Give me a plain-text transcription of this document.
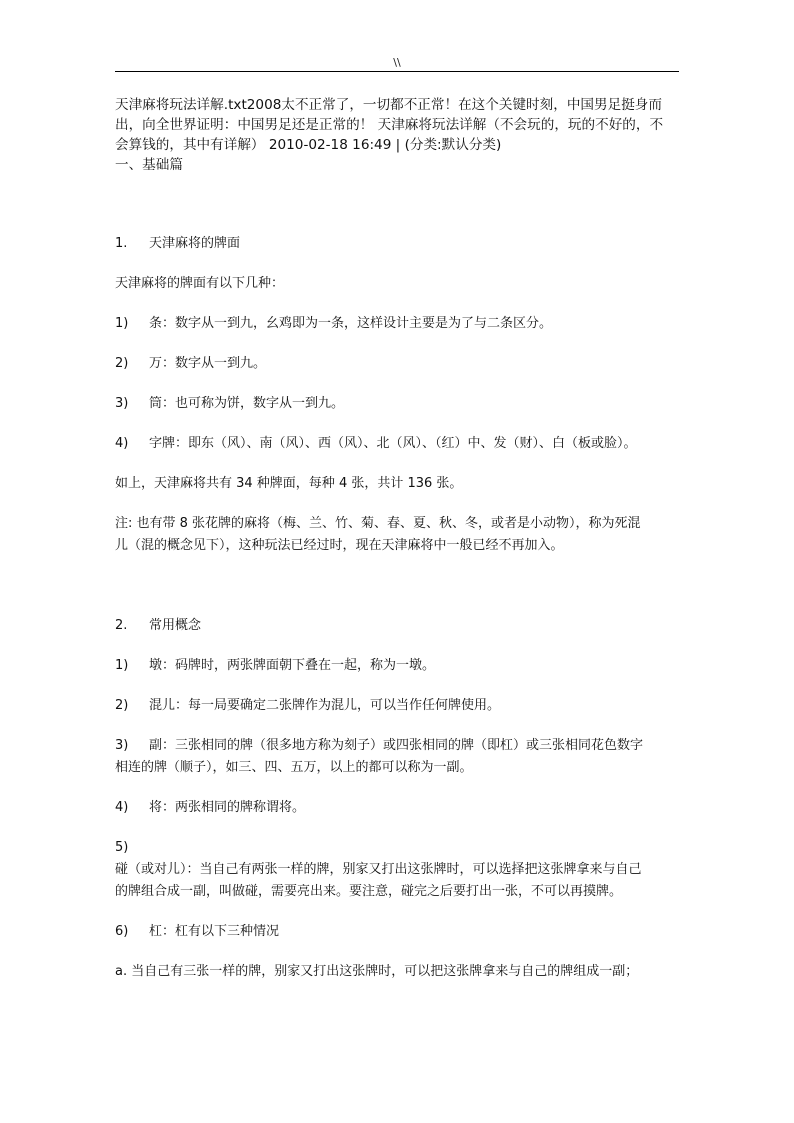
\\

天津麻将玩法详解.txt2008太不正常了，一切都不正常！在这个关键时刻，中国男足挺身而

出，向全世界证明：中国男足还是正常的！ 天津麻将玩法详解（不会玩的，玩的不好的，不

会算钱的，其中有详解） 2010-02-18 16:49 | (分类:默认分类)

一、基础篇

1. 天津麻将的牌面

天津麻将的牌面有以下几种：

1) 条：数字从一到九，幺鸡即为一条，这样设计主要是为了与二条区分。

2) 万：数字从一到九。

3) 筒：也可称为饼，数字从一到九。

4) 字牌：即东（风）、南（风）、西（风）、北（风）、（红）中、发（财）、白（板或脸）。

如上，天津麻将共有 34 种牌面，每种 4 张，共计 136 张。

注: 也有带 8 张花牌的麻将（梅、兰、竹、菊、春、夏、秋、冬，或者是小动物），称为死混

儿（混的概念见下），这种玩法已经过时，现在天津麻将中一般已经不再加入。

2. 常用概念

1) 墩：码牌时，两张牌面朝下叠在一起，称为一墩。

2) 混儿：每一局要确定二张牌作为混儿，可以当作任何牌使用。

3) 副：三张相同的牌（很多地方称为刻子）或四张相同的牌（即杠）或三张相同花色数字

相连的牌（顺子），如三、四、五万，以上的都可以称为一副。

4) 将：两张相同的牌称谓将。

5)

碰（或对儿）：当自己有两张一样的牌，别家又打出这张牌时，可以选择把这张牌拿来与自己

的牌组合成一副，叫做碰，需要亮出来。要注意，碰完之后要打出一张，不可以再摸牌。

6) 杠：杠有以下三种情况

a. 当自己有三张一样的牌，别家又打出这张牌时，可以把这张牌拿来与自己的牌组成一副；
